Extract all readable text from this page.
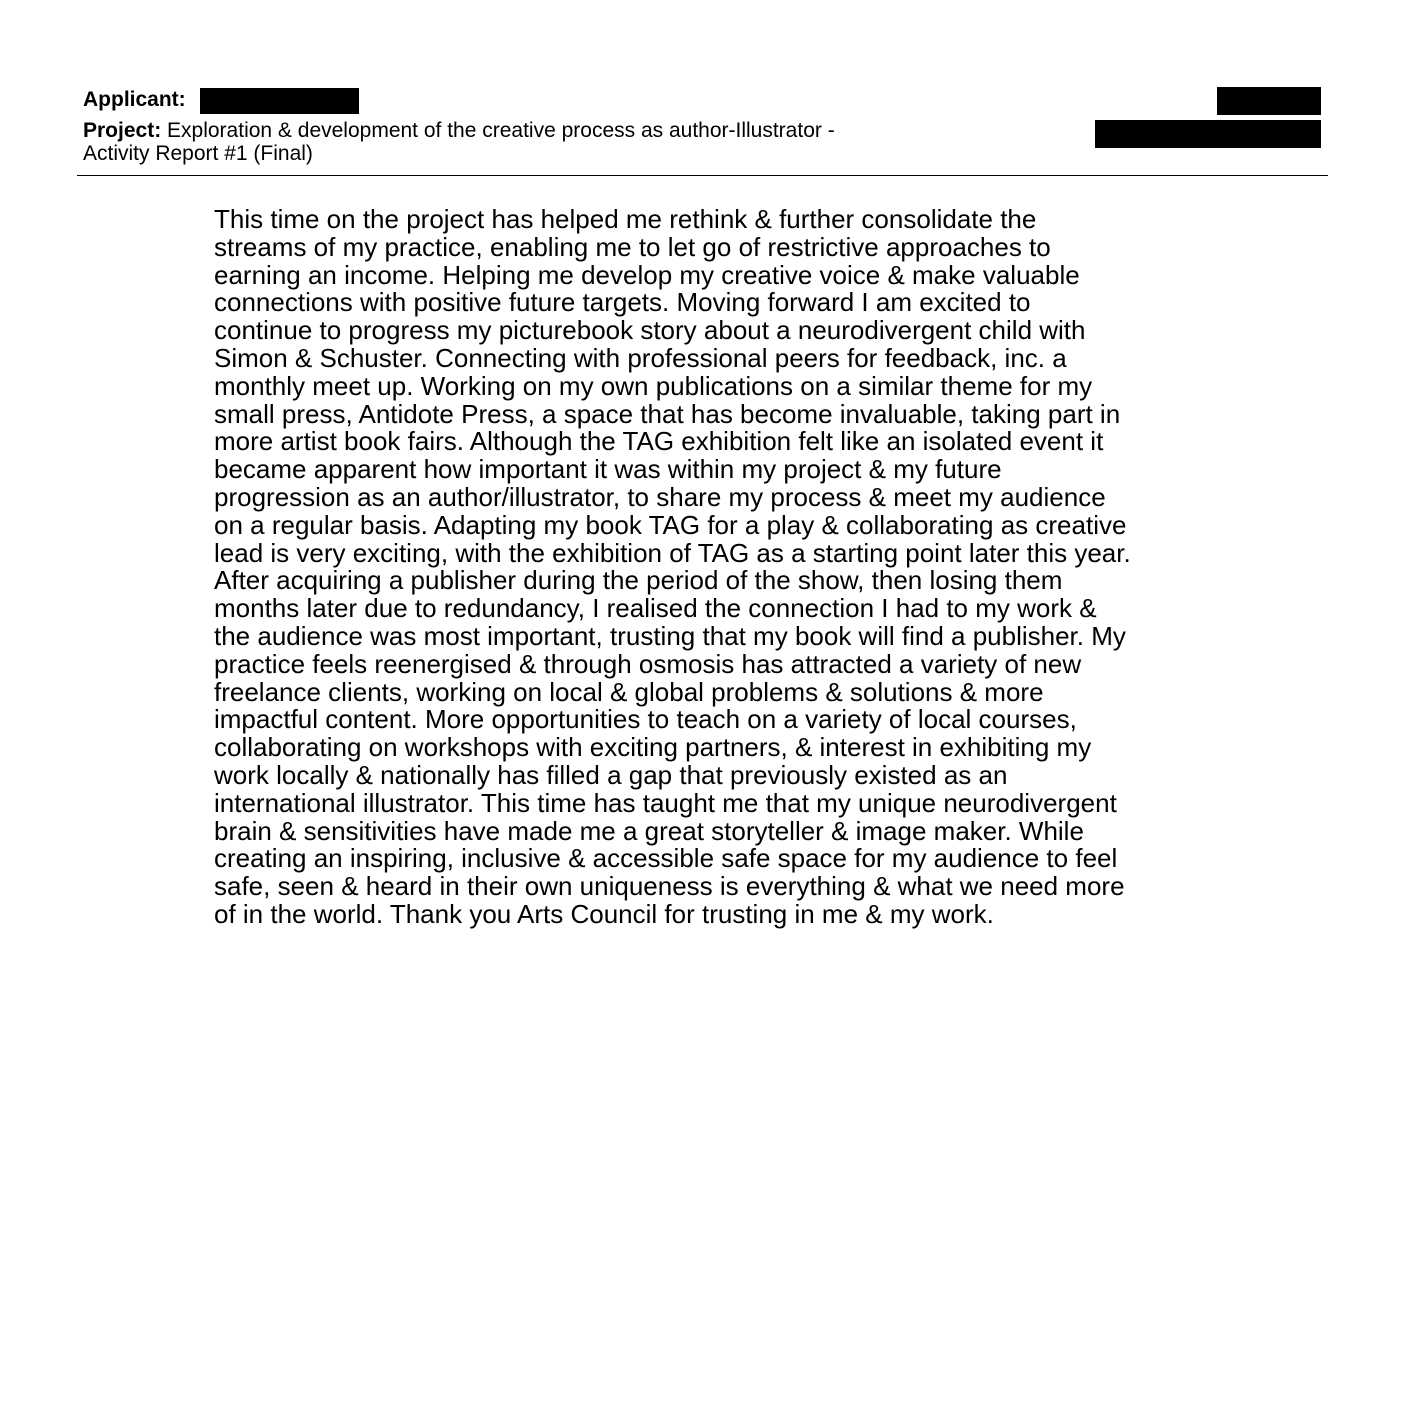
Applicant:
Project: Exploration & development of the creative process as author-Illustrator -
Activity Report #1 (Final)
This time on the project has helped me rethink & further consolidate the
streams of my practice, enabling me to let go of restrictive approaches to
earning an income. Helping me develop my creative voice & make valuable
connections with positive future targets. Moving forward I am excited to
continue to progress my picturebook story about a neurodivergent child with
Simon & Schuster. Connecting with professional peers for feedback, inc. a
monthly meet up. Working on my own publications on a similar theme for my
small press, Antidote Press, a space that has become invaluable, taking part in
more artist book fairs. Although the TAG exhibition felt like an isolated event it
became apparent how important it was within my project & my future
progression as an author/illustrator, to share my process & meet my audience
on a regular basis. Adapting my book TAG for a play & collaborating as creative
lead is very exciting, with the exhibition of TAG as a starting point later this year.
After acquiring a publisher during the period of the show, then losing them
months later due to redundancy, I realised the connection I had to my work &
the audience was most important, trusting that my book will find a publisher. My
practice feels reenergised & through osmosis has attracted a variety of new
freelance clients, working on local & global problems & solutions & more
impactful content. More opportunities to teach on a variety of local courses,
collaborating on workshops with exciting partners, & interest in exhibiting my
work locally & nationally has filled a gap that previously existed as an
international illustrator. This time has taught me that my unique neurodivergent
brain & sensitivities have made me a great storyteller & image maker. While
creating an inspiring, inclusive & accessible safe space for my audience to feel
safe, seen & heard in their own uniqueness is everything & what we need more
of in the world. Thank you Arts Council for trusting in me & my work.
